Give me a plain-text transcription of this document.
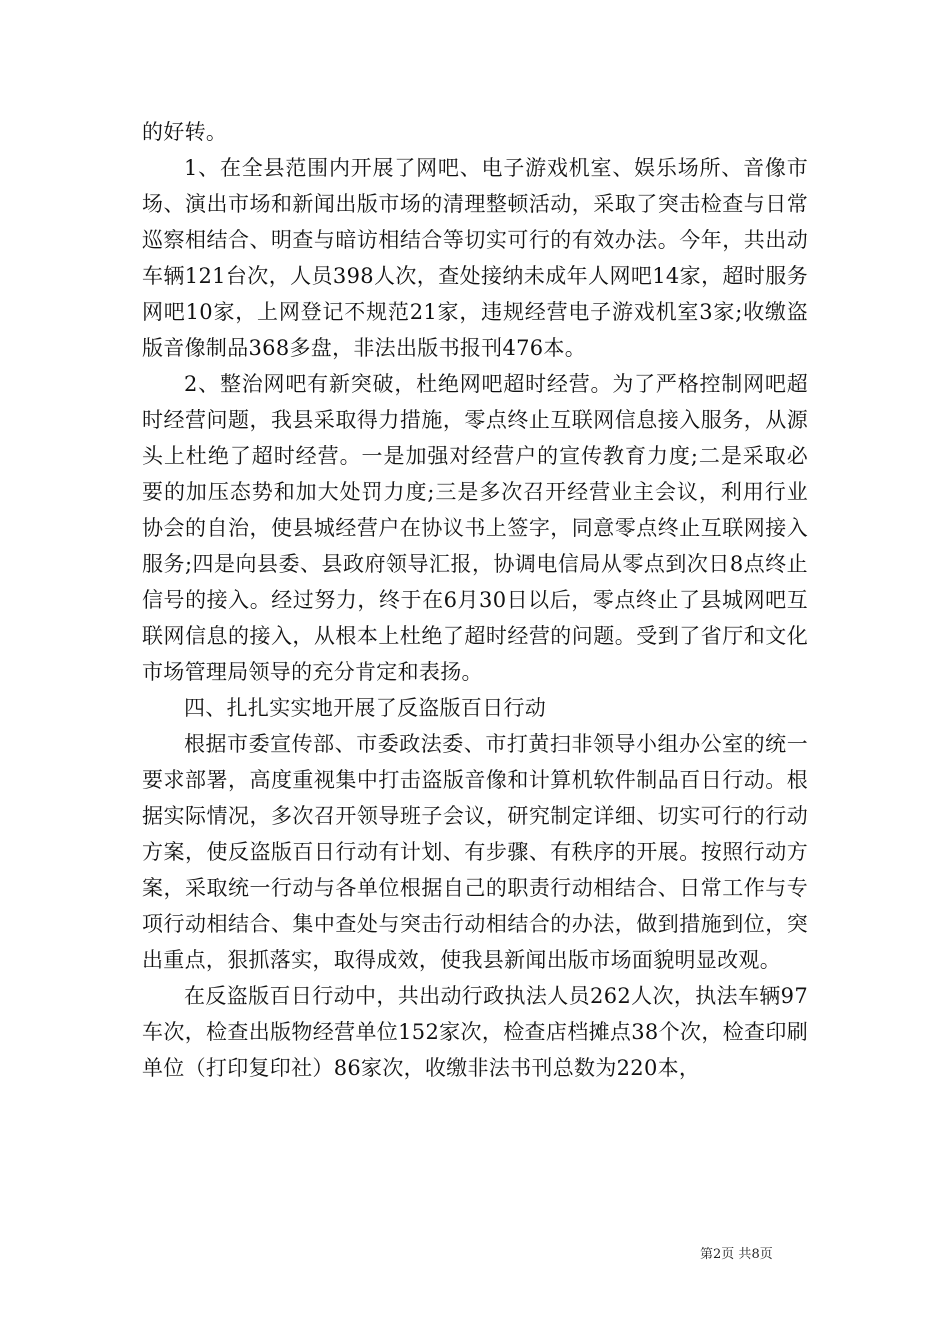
的好转。

1、在全县范围内开展了网吧、电子游戏机室、娱乐场所、音像市场、演出市场和新闻出版市场的清理整顿活动，采取了突击检查与日常巡察相结合、明查与暗访相结合等切实可行的有效办法。今年，共出动车辆121台次，人员398人次，查处接纳未成年人网吧14家，超时服务网吧10家，上网登记不规范21家，违规经营电子游戏机室3家;收缴盗版音像制品368多盘，非法出版书报刊476本。

2、整治网吧有新突破，杜绝网吧超时经营。为了严格控制网吧超时经营问题，我县采取得力措施，零点终止互联网信息接入服务，从源头上杜绝了超时经营。一是加强对经营户的宣传教育力度;二是采取必要的加压态势和加大处罚力度;三是多次召开经营业主会议，利用行业协会的自治，使县城经营户在协议书上签字，同意零点终止互联网接入服务;四是向县委、县政府领导汇报，协调电信局从零点到次日8点终止信号的接入。经过努力，终于在6月30日以后，零点终止了县城网吧互联网信息的接入，从根本上杜绝了超时经营的问题。受到了省厅和文化市场管理局领导的充分肯定和表扬。

四、扎扎实实地开展了反盗版百日行动

根据市委宣传部、市委政法委、市打黄扫非领导小组办公室的统一要求部署，高度重视集中打击盗版音像和计算机软件制品百日行动。根据实际情况，多次召开领导班子会议，研究制定详细、切实可行的行动方案，使反盗版百日行动有计划、有步骤、有秩序的开展。按照行动方案，采取统一行动与各单位根据自己的职责行动相结合、日常工作与专项行动相结合、集中查处与突击行动相结合的办法，做到措施到位，突出重点，狠抓落实，取得成效，使我县新闻出版市场面貌明显改观。

在反盗版百日行动中，共出动行政执法人员262人次，执法车辆97车次，检查出版物经营单位152家次，检查店档摊点38个次，检查印刷单位（打印复印社）86家次，收缴非法书刊总数为220本，

第2页 共8页
